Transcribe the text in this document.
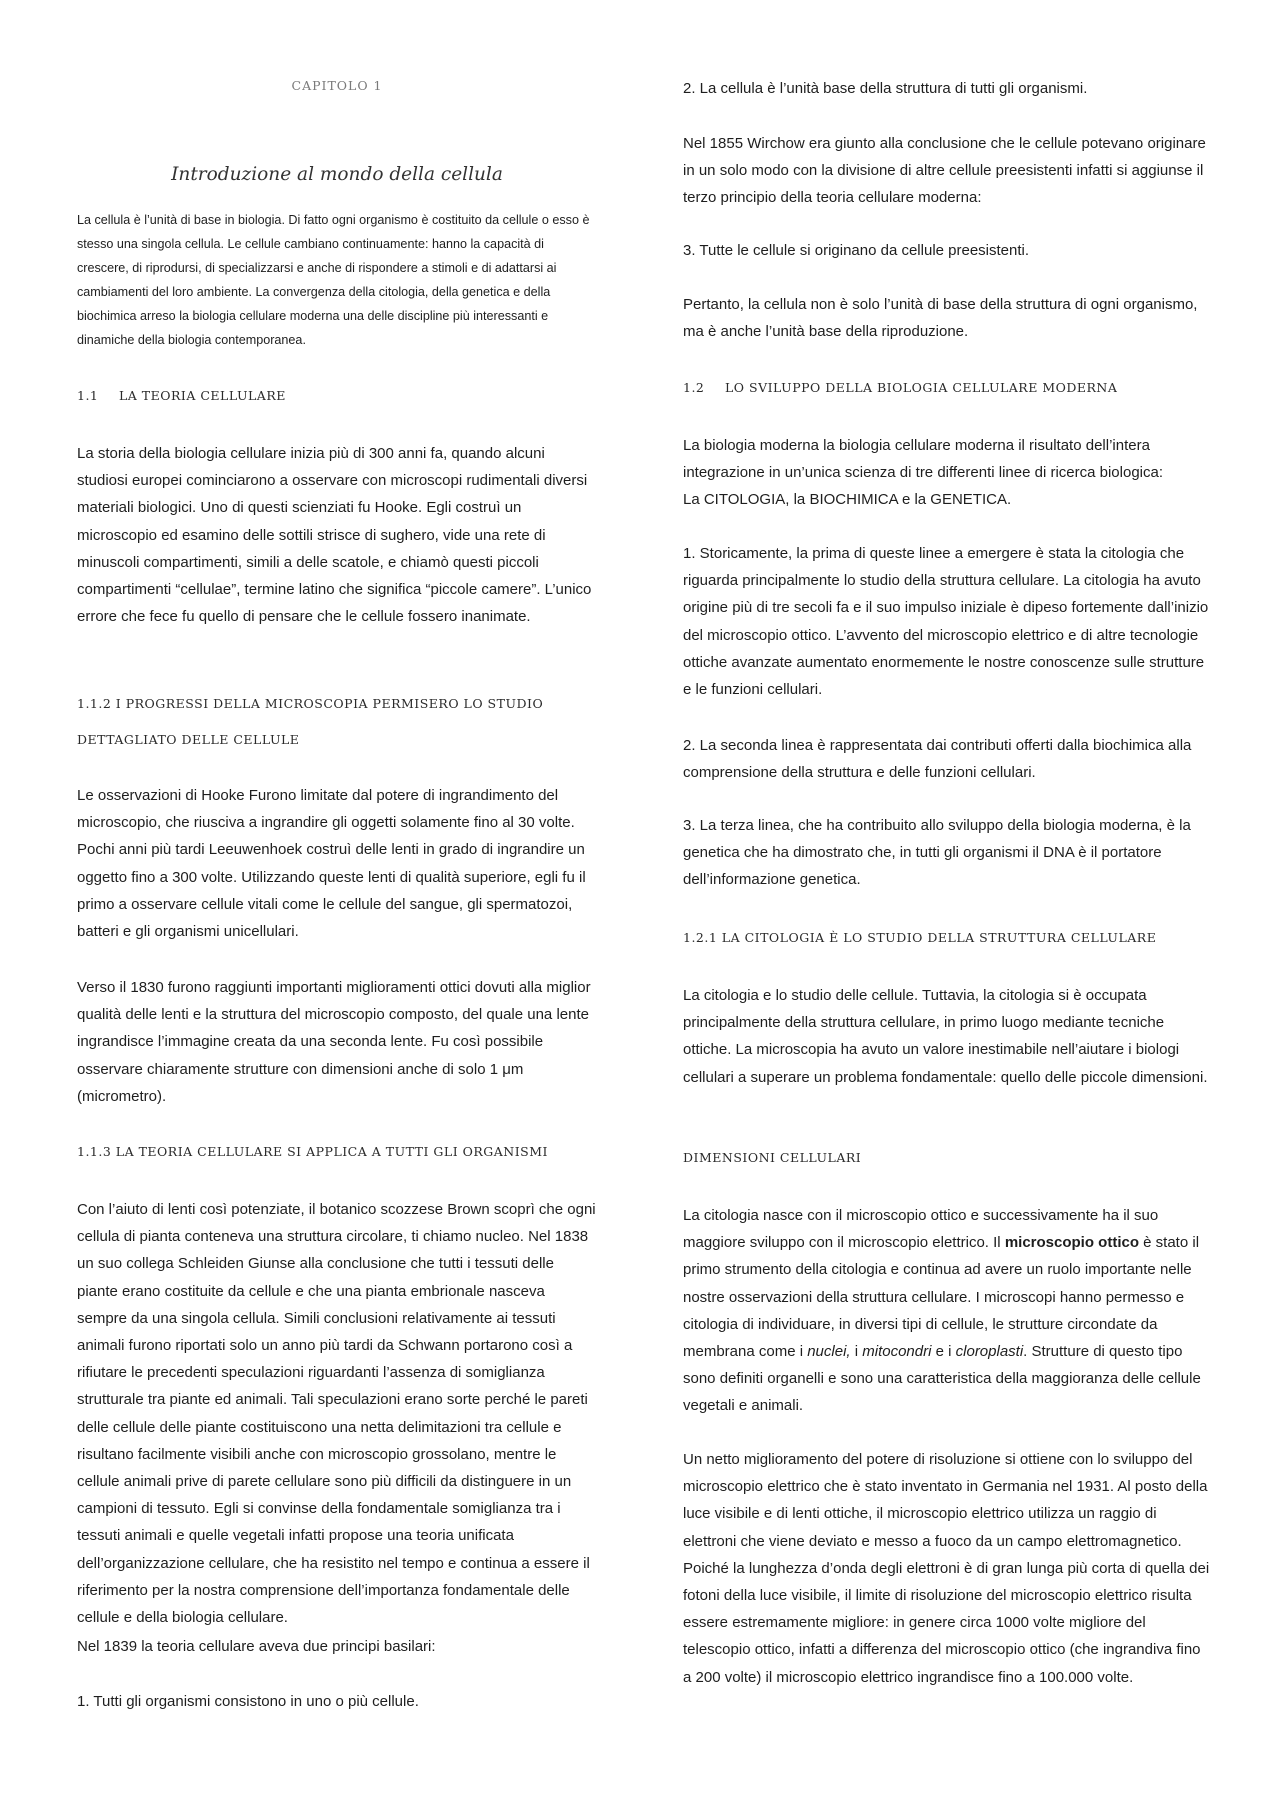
CAPITOLO 1
Introduzione al mondo della cellula

La cellula è l’unità di base in biologia. Di fatto ogni organismo è costituito da cellule o esso è stesso una singola cellula. Le cellule cambiano continuamente: hanno la capacità di crescere, di riprodursi, di specializzarsi e anche di rispondere a stimoli e di adattarsi ai cambiamenti del loro ambiente. La convergenza della citologia, della genetica e della biochimica arreso la biologia cellulare moderna una delle discipline più interessanti e dinamiche della biologia contemporanea.

1.1 LA TEORIA CELLULARE

La storia della biologia cellulare inizia più di 300 anni fa, quando alcuni studiosi europei cominciarono a osservare con microscopi rudimentali diversi materiali biologici. Uno di questi scienziati fu Hooke. Egli costruì un microscopio ed esamino delle sottili strisce di sughero, vide una rete di minuscoli compartimenti, simili a delle scatole, e chiamò questi piccoli compartimenti “cellulae”, termine latino che significa “piccole camere”. L’unico errore che fece fu quello di pensare che le cellule fossero inanimate.

1.1.2 I PROGRESSI DELLA MICROSCOPIA PERMISERO LO STUDIO DETTAGLIATO DELLE CELLULE

Le osservazioni di Hooke Furono limitate dal potere di ingrandimento del microscopio, che riusciva a ingrandire gli oggetti solamente fino al 30 volte. Pochi anni più tardi Leeuwenhoek costruì delle lenti in grado di ingrandire un oggetto fino a 300 volte. Utilizzando queste lenti di qualità superiore, egli fu il primo a osservare cellule vitali come le cellule del sangue, gli spermatozoi, batteri e gli organismi unicellulari.

Verso il 1830 furono raggiunti importanti miglioramenti ottici dovuti alla miglior qualità delle lenti e la struttura del microscopio composto, del quale una lente ingrandisce l’immagine creata da una seconda lente. Fu così possibile osservare chiaramente strutture con dimensioni anche di solo 1 μm (micrometro).

1.1.3 LA TEORIA CELLULARE SI APPLICA A TUTTI GLI ORGANISMI

Con l’aiuto di lenti così potenziate, il botanico scozzese Brown scoprì che ogni cellula di pianta conteneva una struttura circolare, ti chiamo nucleo. Nel 1838 un suo collega Schleiden Giunse alla conclusione che tutti i tessuti delle piante erano costituite da cellule e che una pianta embrionale nasceva sempre da una singola cellula. Simili conclusioni relativamente ai tessuti animali furono riportati solo un anno più tardi da Schwann portarono così a rifiutare le precedenti speculazioni riguardanti l’assenza di somiglianza strutturale tra piante ed animali. Tali speculazioni erano sorte perché le pareti delle cellule delle piante costituiscono una netta delimitazioni tra cellule e risultano facilmente visibili anche con microscopio grossolano, mentre le cellule animali prive di parete cellulare sono più difficili da distinguere in un campioni di tessuto. Egli si convinse della fondamentale somiglianza tra i tessuti animali e quelle vegetali infatti propose una teoria unificata dell’organizzazione cellulare, che ha resistito nel tempo e continua a essere il riferimento per la nostra comprensione dell’importanza fondamentale delle cellule e della biologia cellulare.

Nel 1839 la teoria cellulare aveva due principi basilari:

1. Tutti gli organismi consistono in uno o più cellule.

2. La cellula è l’unità base della struttura di tutti gli organismi.

Nel 1855 Wirchow era giunto alla conclusione che le cellule potevano originare in un solo modo con la divisione di altre cellule preesistenti infatti si aggiunse il terzo principio della teoria cellulare moderna:

3. Tutte le cellule si originano da cellule preesistenti.

Pertanto, la cellula non è solo l’unità di base della struttura di ogni organismo, ma è anche l’unità base della riproduzione.

1.2 LO SVILUPPO DELLA BIOLOGIA CELLULARE MODERNA

La biologia moderna la biologia cellulare moderna il risultato dell’intera integrazione in un’unica scienza di tre differenti linee di ricerca biologica:

La CITOLOGIA, la BIOCHIMICA e la GENETICA.

1. Storicamente, la prima di queste linee a emergere è stata la citologia che riguarda principalmente lo studio della struttura cellulare. La citologia ha avuto origine più di tre secoli fa e il suo impulso iniziale è dipeso fortemente dall’inizio del microscopio ottico. L’avvento del microscopio elettrico e di altre tecnologie ottiche avanzate aumentato enormemente le nostre conoscenze sulle strutture e le funzioni cellulari.

2. La seconda linea è rappresentata dai contributi offerti dalla biochimica alla comprensione della struttura e delle funzioni cellulari.

3. La terza linea, che ha contribuito allo sviluppo della biologia moderna, è la genetica che ha dimostrato che, in tutti gli organismi il DNA è il portatore dell’informazione genetica.

1.2.1 LA CITOLOGIA È LO STUDIO DELLA STRUTTURA CELLULARE

La citologia e lo studio delle cellule. Tuttavia, la citologia si è occupata principalmente della struttura cellulare, in primo luogo mediante tecniche ottiche. La microscopia ha avuto un valore inestimabile nell’aiutare i biologi cellulari a superare un problema fondamentale: quello delle piccole dimensioni.

DIMENSIONI CELLULARI

La citologia nasce con il microscopio ottico e successivamente ha il suo maggiore sviluppo con il microscopio elettrico. Il microscopio ottico è stato il primo strumento della citologia e continua ad avere un ruolo importante nelle nostre osservazioni della struttura cellulare. I microscopi hanno permesso e citologia di individuare, in diversi tipi di cellule, le strutture circondate da membrana come i nuclei, i mitocondri e i cloroplasti. Strutture di questo tipo sono definiti organelli e sono una caratteristica della maggioranza delle cellule vegetali e animali.

Un netto miglioramento del potere di risoluzione si ottiene con lo sviluppo del microscopio elettrico che è stato inventato in Germania nel 1931. Al posto della luce visibile e di lenti ottiche, il microscopio elettrico utilizza un raggio di elettroni che viene deviato e messo a fuoco da un campo elettromagnetico. Poiché la lunghezza d’onda degli elettroni è di gran lunga più corta di quella dei fotoni della luce visibile, il limite di risoluzione del microscopio elettrico risulta essere estremamente migliore: in genere circa 1000 volte migliore del telescopio ottico, infatti a differenza del microscopio ottico (che ingrandiva fino a 200 volte) il microscopio elettrico ingrandisce fino a 100.000 volte.
